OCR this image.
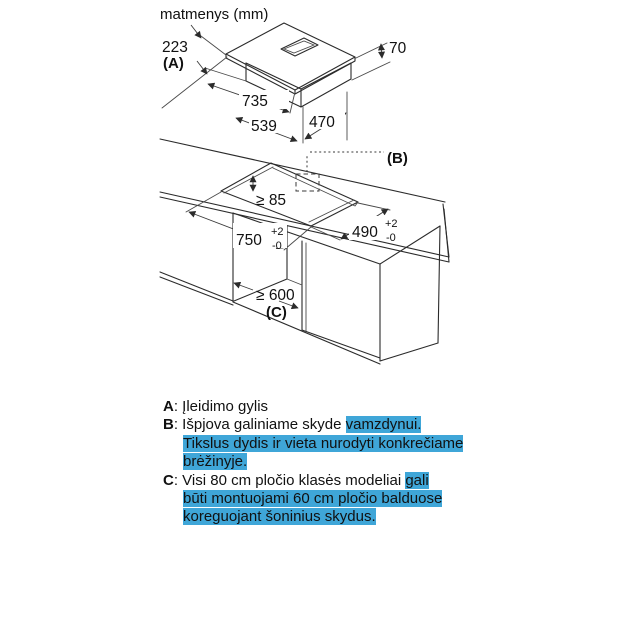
matmenys (mm)
223
(A)
70
735
539 470
(B)
≥ 85
750 +2
-0
490 +2
-0
≥ 600
(C)
A: Įleidimo gylis
B: Išpjova galiniame skyde vamzdynui.
Tikslus dydis ir vieta nurodyti konkrečiame
brėžinyje.
C: Visi 80 cm pločio klasės modeliai gali
būti montuojami 60 cm pločio balduose
koreguojant šoninius skydus.
